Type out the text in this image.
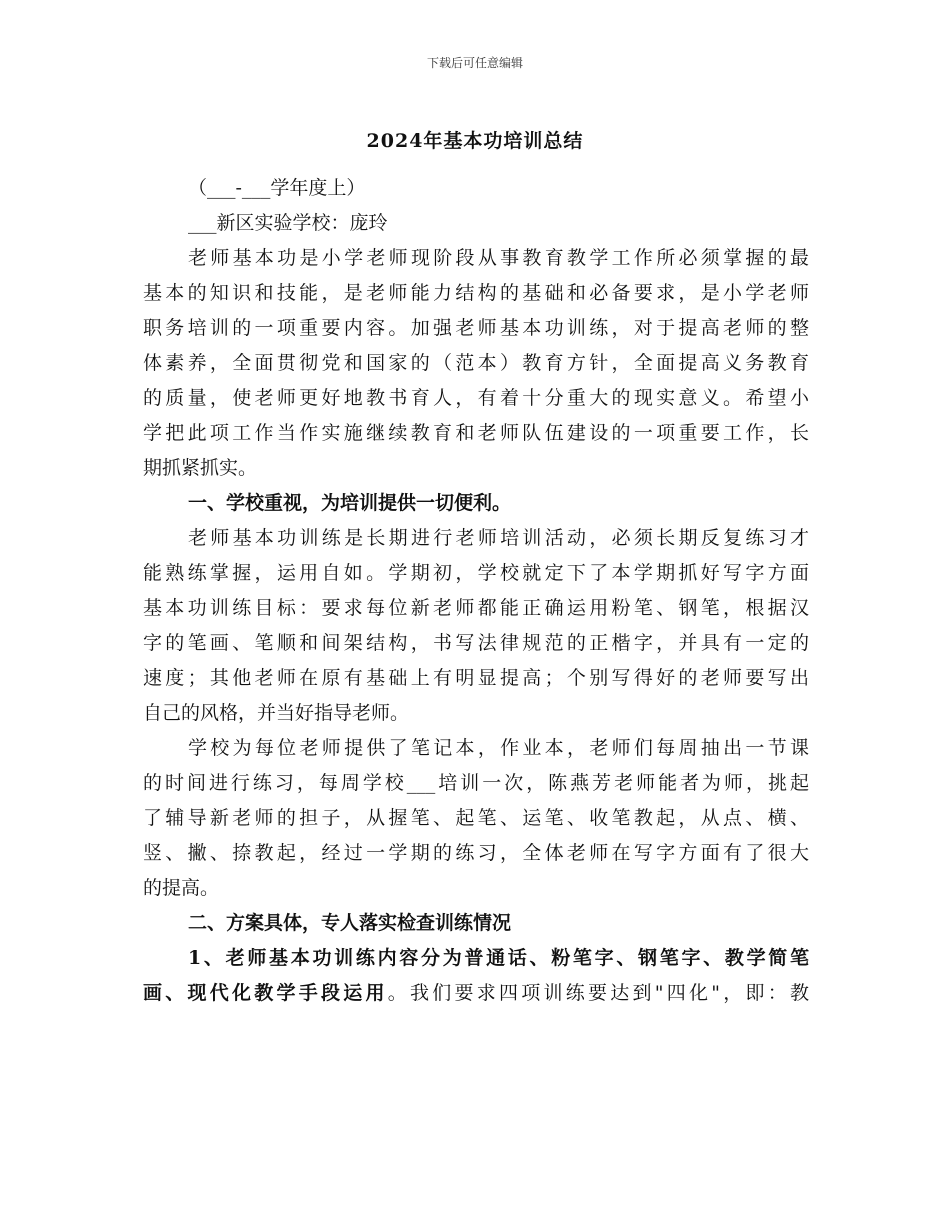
下载后可任意编辑
2024年基本功培训总结
（___-___学年度上）
___新区实验学校：庞玲
老师基本功是小学老师现阶段从事教育教学工作所必须掌握的最
基本的知识和技能，是老师能力结构的基础和必备要求，是小学老师
职务培训的一项重要内容。加强老师基本功训练，对于提高老师的整
体素养，全面贯彻党和国家的（范本）教育方针，全面提高义务教育
的质量，使老师更好地教书育人，有着十分重大的现实意义。希望小
学把此项工作当作实施继续教育和老师队伍建设的一项重要工作，长
期抓紧抓实。
一、学校重视，为培训提供一切便利。
老师基本功训练是长期进行老师培训活动，必须长期反复练习才
能熟练掌握，运用自如。学期初，学校就定下了本学期抓好写字方面
基本功训练目标：要求每位新老师都能正确运用粉笔、钢笔，根据汉
字的笔画、笔顺和间架结构，书写法律规范的正楷字，并具有一定的
速度；其他老师在原有基础上有明显提高；个别写得好的老师要写出
自己的风格，并当好指导老师。
学校为每位老师提供了笔记本，作业本，老师们每周抽出一节课
的时间进行练习，每周学校___培训一次，陈燕芳老师能者为师，挑起
了辅导新老师的担子，从握笔、起笔、运笔、收笔教起，从点、横、
竖、撇、捺教起，经过一学期的练习，全体老师在写字方面有了很大
的提高。
二、方案具体，专人落实检查训练情况
1、老师基本功训练内容分为普通话、粉笔字、钢笔字、教学简笔
画、现代化教学手段运用。我们要求四项训练要达到"四化"，即：教
